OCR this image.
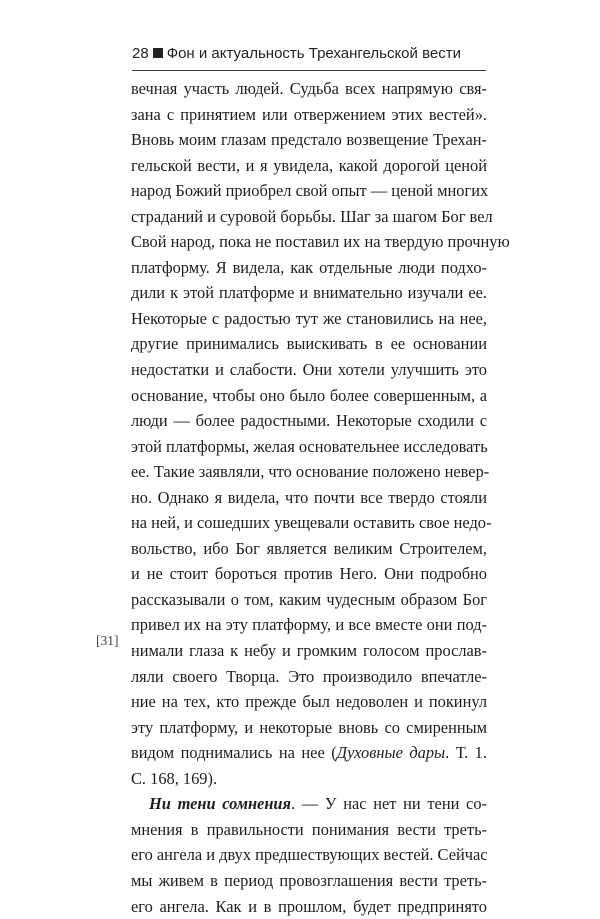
28 Фон и актуальность Трехангельской вести
[31]
вечная участь людей. Судьба всех напрямую свя-
зана с принятием или отвержением этих вестей».
Вновь моим глазам предстало возвещение Трехан-
гельской вести, и я увидела, какой дорогой ценой
народ Божий приобрел свой опыт — ценой многих
страданий и суровой борьбы. Шаг за шагом Бог вел
Свой народ, пока не поставил их на твердую прочную
платформу. Я видела, как отдельные люди подхо-
дили к этой платформе и внимательно изучали ее.
Некоторые с радостью тут же становились на нее,
другие принимались выискивать в ее основании
недостатки и слабости. Они хотели улучшить это
основание, чтобы оно было более совершенным, а
люди — более радостными. Некоторые сходили с
этой платформы, желая основательнее исследовать
ее. Такие заявляли, что основание положено невер-
но. Однако я видела, что почти все твердо стояли
на ней, и сошедших увещевали оставить свое недо-
вольство, ибо Бог является великим Строителем,
и не стоит бороться против Него. Они подробно
рассказывали о том, каким чудесным образом Бог
привел их на эту платформу, и все вместе они под-
нимали глаза к небу и громким голосом прослав-
ляли своего Творца. Это производило впечатле-
ние на тех, кто прежде был недоволен и покинул
эту платформу, и некоторые вновь со смиренным
видом поднимались на нее (Духовные дары. Т. 1.
С. 168, 169).
Ни тени сомнения. — У нас нет ни тени со-
мнения в правильности понимания вести треть-
его ангела и двух предшествующих вестей. Сейчас
мы живем в период провозглашения вести треть-
его ангела. Как и в прошлом, будет предпринято
